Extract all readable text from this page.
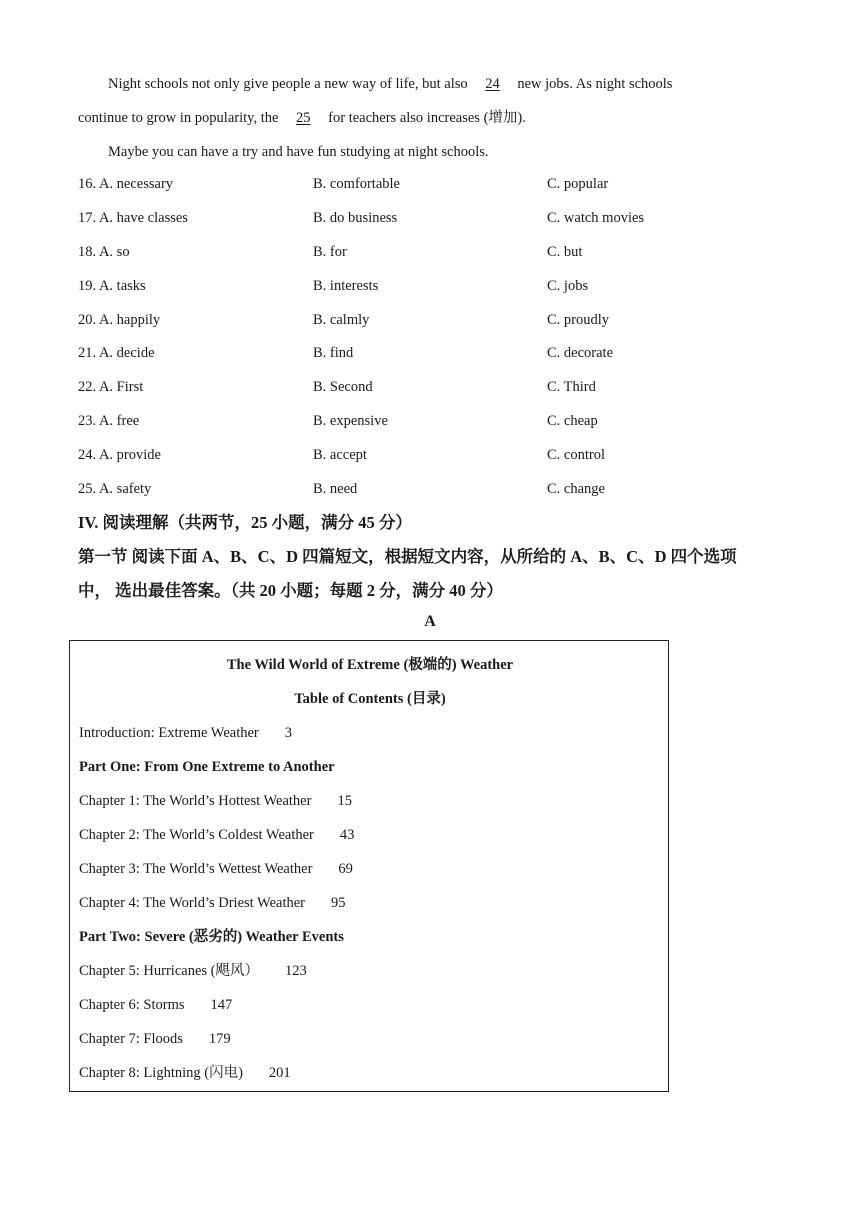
Night schools not only give people a new way of life, but also 24 new jobs. As night schools
continue to grow in popularity, the 25 for teachers also increases (增加).
Maybe you can have a try and have fun studying at night schools.
16. A. necessary	B. comfortable	C. popular
17. A. have classes	B. do business	C. watch movies
18. A. so	B. for	C. but
19. A. tasks	B. interests	C. jobs
20. A. happily	B. calmly	C. proudly
21. A. decide	B. find	C. decorate
22. A. First	B. Second	C. Third
23. A. free	B. expensive	C. cheap
24. A. provide	B. accept	C. control
25. A. safety	B. need	C. change
IV. 阅读理解（共两节，25 小题，满分 45 分）
第一节 阅读下面 A、B、C、D 四篇短文，根据短文内容，从所给的 A、B、C、D 四个选项
中， 选出最佳答案。（共 20 小题；每题 2 分，满分 40 分）
A
The Wild World of Extreme (极端的) Weather
Table of Contents (目录)
Introduction: Extreme Weather 3
Part One: From One Extreme to Another
Chapter 1: The World’s Hottest Weather 15
Chapter 2: The World’s Coldest Weather 43
Chapter 3: The World’s Wettest Weather 69
Chapter 4: The World’s Driest Weather 95
Part Two: Severe (恶劣的) Weather Events
Chapter 5: Hurricanes (飓风） 123
Chapter 6: Storms 147
Chapter 7: Floods 179
Chapter 8: Lightning (闪电) 201
